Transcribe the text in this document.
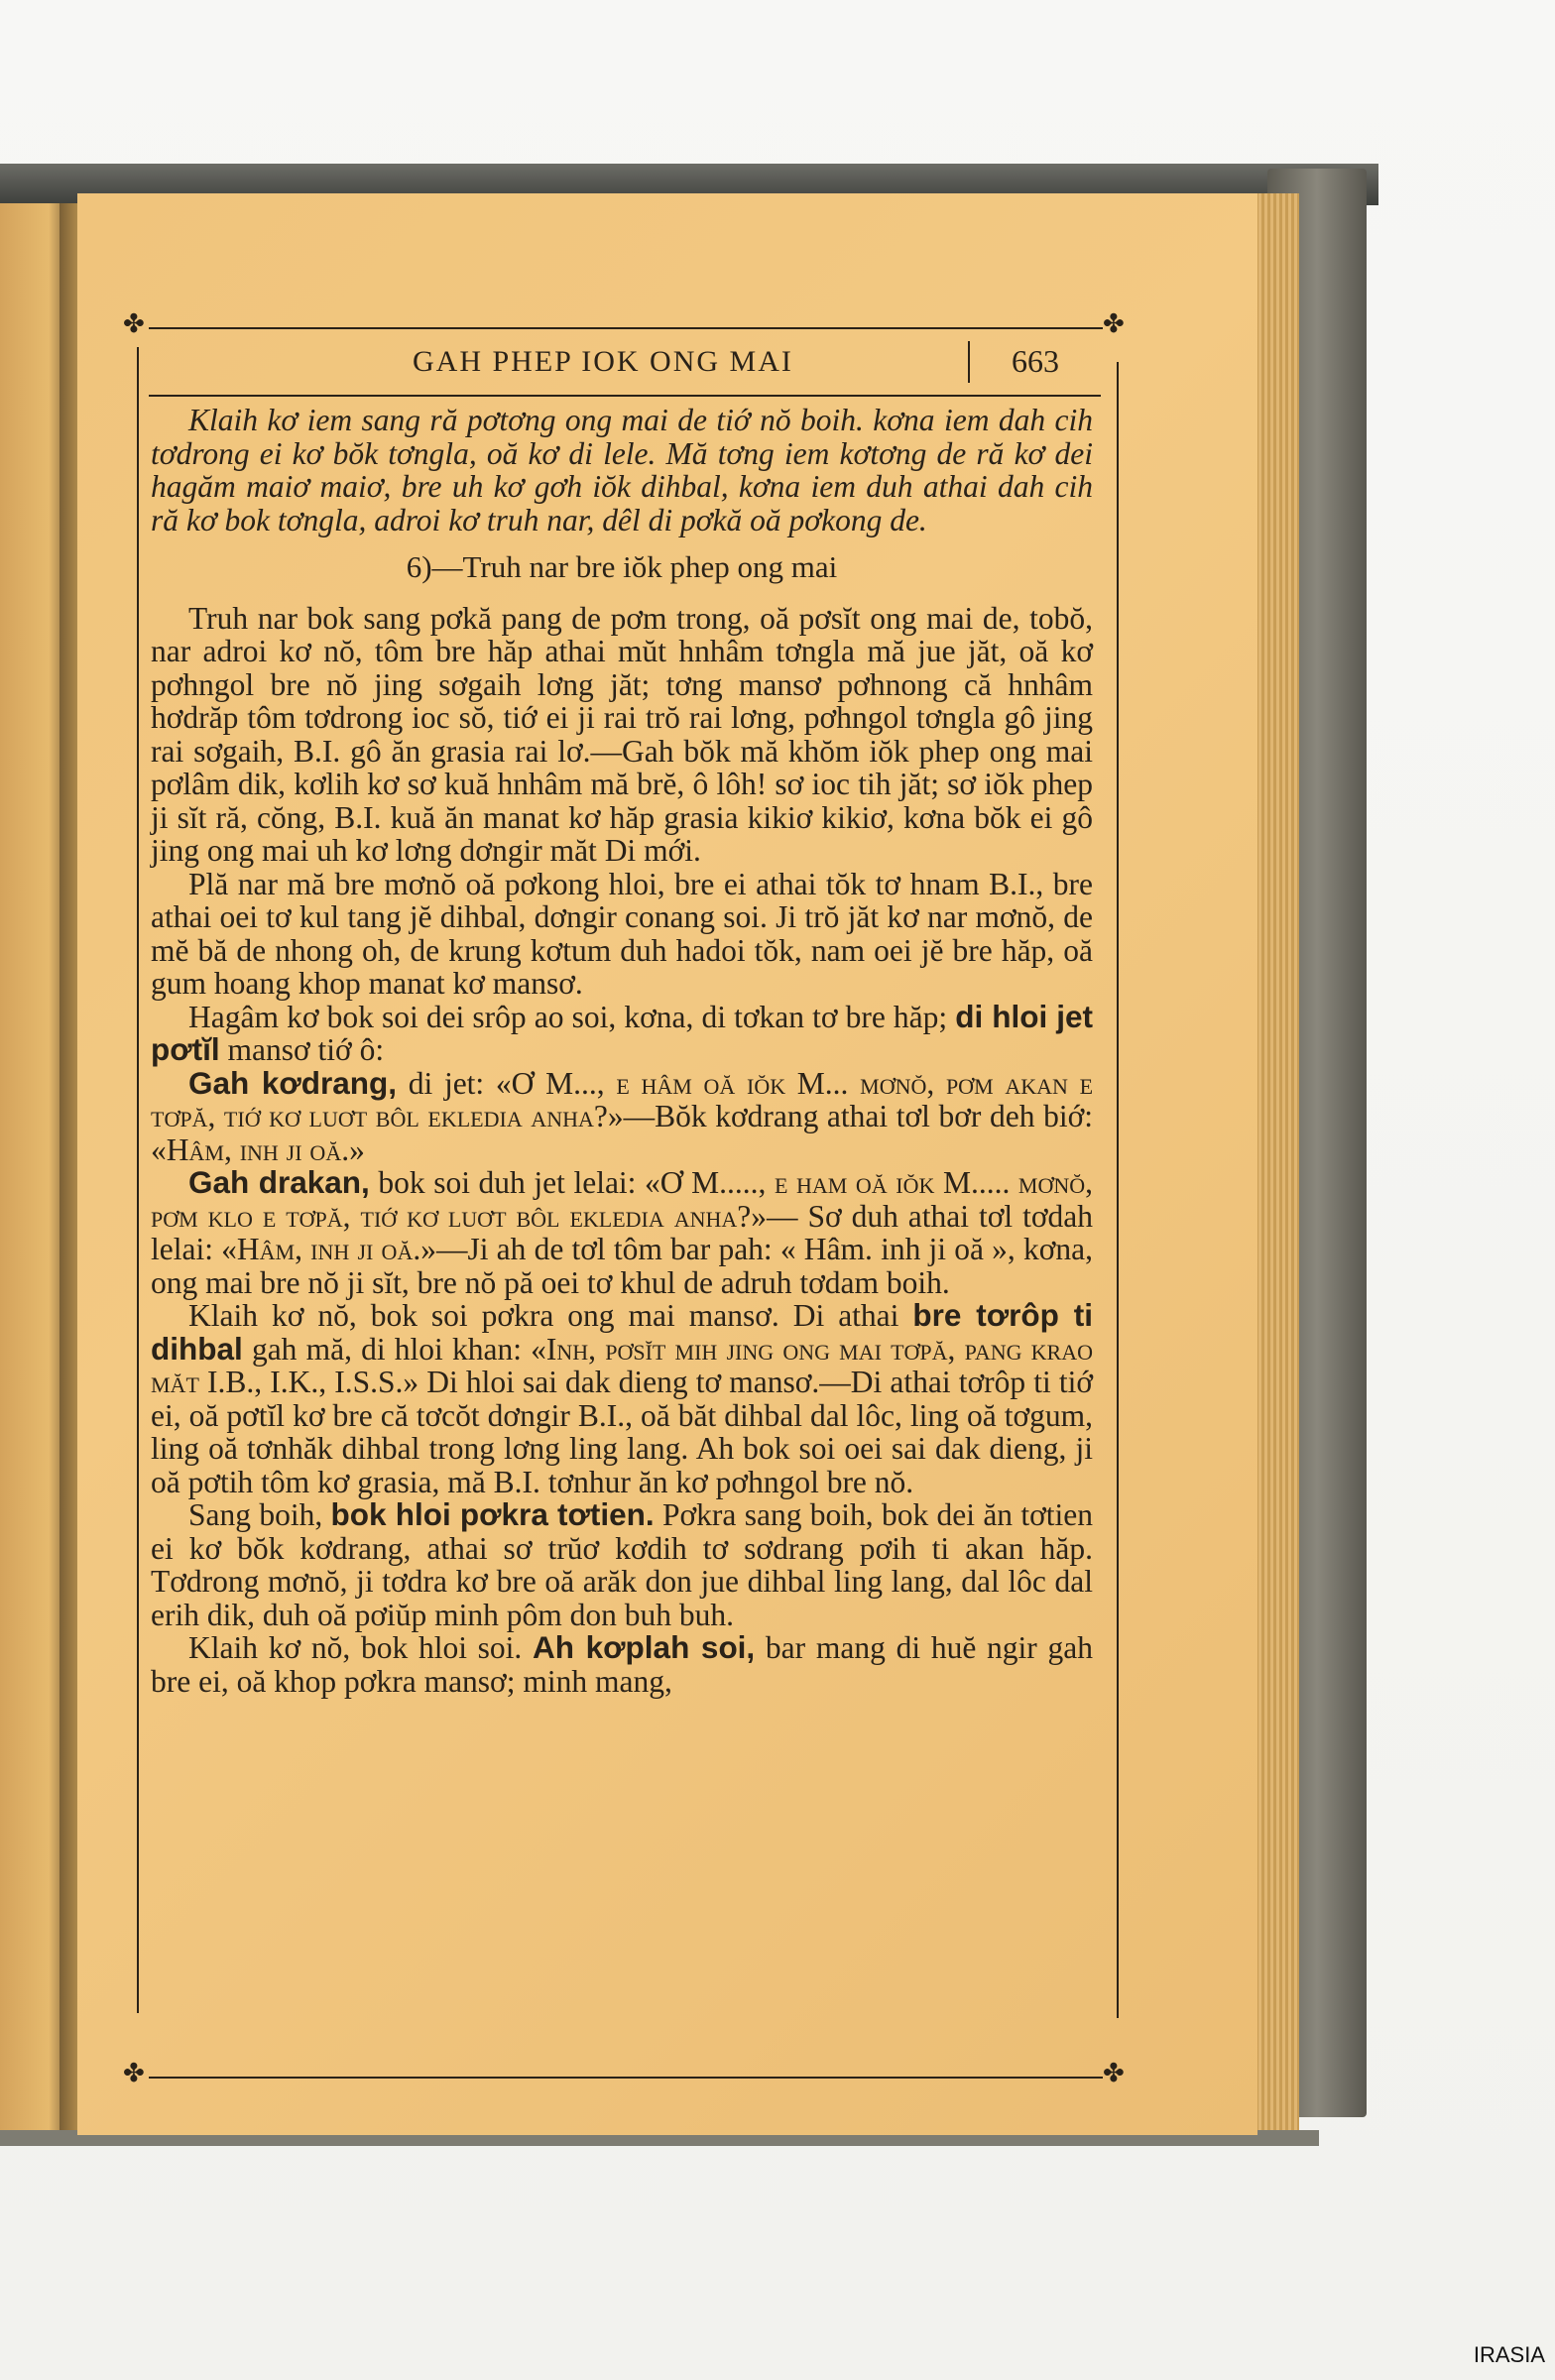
✤	✤
GAH PHEP IOK ONG MAI	663

Klaih kơ iem sang ră pơtơng ong mai de tiớ nŏ boih. kơna iem dah cih tơdrong ei kơ bŏk tơngla, oă kơ di lele. Mă tơng iem kơtơng de ră kơ dei hagăm maiơ maiơ, bre uh kơ gơh iŏk dihbal, kơna iem duh athai dah cih ră kơ bok tơngla, adroi kơ truh nar, dêl di pơkă oă pơkong de.

6)—Truh nar bre iŏk phep ong mai

Truh nar bok sang pơkă pang de pơm trong, oă pơsĭt ong mai de, tobŏ, nar adroi kơ nŏ, tôm bre hăp athai mŭt hnhâm tơngla mă jue jăt, oă kơ pơhngol bre nŏ jing sơgaih lơng jăt; tơng mansơ pơhnong că hnhâm hơdrăp tôm tơdrong ioc sŏ, tiớ ei ji rai trŏ rai lơng, pơhngol tơngla gô jing rai sơgaih, B.I. gô ăn grasia rai lơ.—Gah bŏk mă khŏm iŏk phep ong mai pơlâm dik, kơlih kơ sơ kuă hnhâm mă brĕ, ô lôh! sơ ioc tih jăt; sơ iŏk phep ji sĭt ră, cŏng, B.I. kuă ăn manat kơ hăp grasia kikiơ kikiơ, kơna bŏk ei gô jing ong mai uh kơ lơng dơngir măt Di mới.

Plă nar mă bre mơnŏ oă pơkong hloi, bre ei athai tŏk tơ hnam B.I., bre athai oei tơ kul tang jĕ dihbal, dơngir conang soi. Ji trŏ jăt kơ nar mơnŏ, de mĕ bă de nhong oh, de krung kơtum duh hadoi tŏk, nam oei jĕ bre hăp, oă gum hoang khop manat kơ mansơ.

Hagâm kơ bok soi dei srôp ao soi, kơna, di tơkan tơ bre hăp; di hloi jet pơtĭl mansơ tiớ ô:

Gah kơdrang, di jet: «Ơ M..., e hâm oă iŏk M... mơnŏ, pơm akan e tơpă, tiớ kơ luơt bôl ekledia anha?»—Bŏk kơdrang athai tơl bơr deh biớ: «Hâm, inh ji oă.»

Gah drakan, bok soi duh jet lelai: «Ơ M....., e ham oă iŏk M..... mơnŏ, pơm klo e tơpă, tiớ kơ luơt bôl ekledia anha?»— Sơ duh athai tơl tơdah lelai: «Hâm, inh ji oă.»—Ji ah de tơl tôm bar pah: « Hâm. inh ji oă », kơna, ong mai bre nŏ ji sĭt, bre nŏ pă oei tơ khul de adruh tơdam boih.

Klaih kơ nŏ, bok soi pơkra ong mai mansơ. Di athai bre tơrôp ti dihbal gah mă, di hloi khan: «Inh, pơsĭt mih jing ong mai tơpă, pang krao măt I.B., I.K., I.S.S.» Di hloi sai dak dieng tơ mansơ.—Di athai tơrôp ti tiớ ei, oă pơtĭl kơ bre că tơcŏt dơngir B.I., oă băt dihbal dal lôc, ling oă tơgum, ling oă tơnhăk dihbal trong lơng ling lang. Ah bok soi oei sai dak dieng, ji oă pơtih tôm kơ grasia, mă B.I. tơnhur ăn kơ pơhngol bre nŏ.

Sang boih, bok hloi pơkra tơtien. Pơkra sang boih, bok dei ăn tơtien ei kơ bŏk kơdrang, athai sơ trŭơ kơdih tơ sơdrang pơih ti akan hăp. Tơdrong mơnŏ, ji tơdra kơ bre oă arăk don jue dihbal ling lang, dal lôc dal erih dik, duh oă pơiŭp minh pôm don buh buh.

Klaih kơ nŏ, bok hloi soi. Ah kơplah soi, bar mang di huĕ ngir gah bre ei, oă khop pơkra mansơ; minh mang,

✤	✤
IRASIA
